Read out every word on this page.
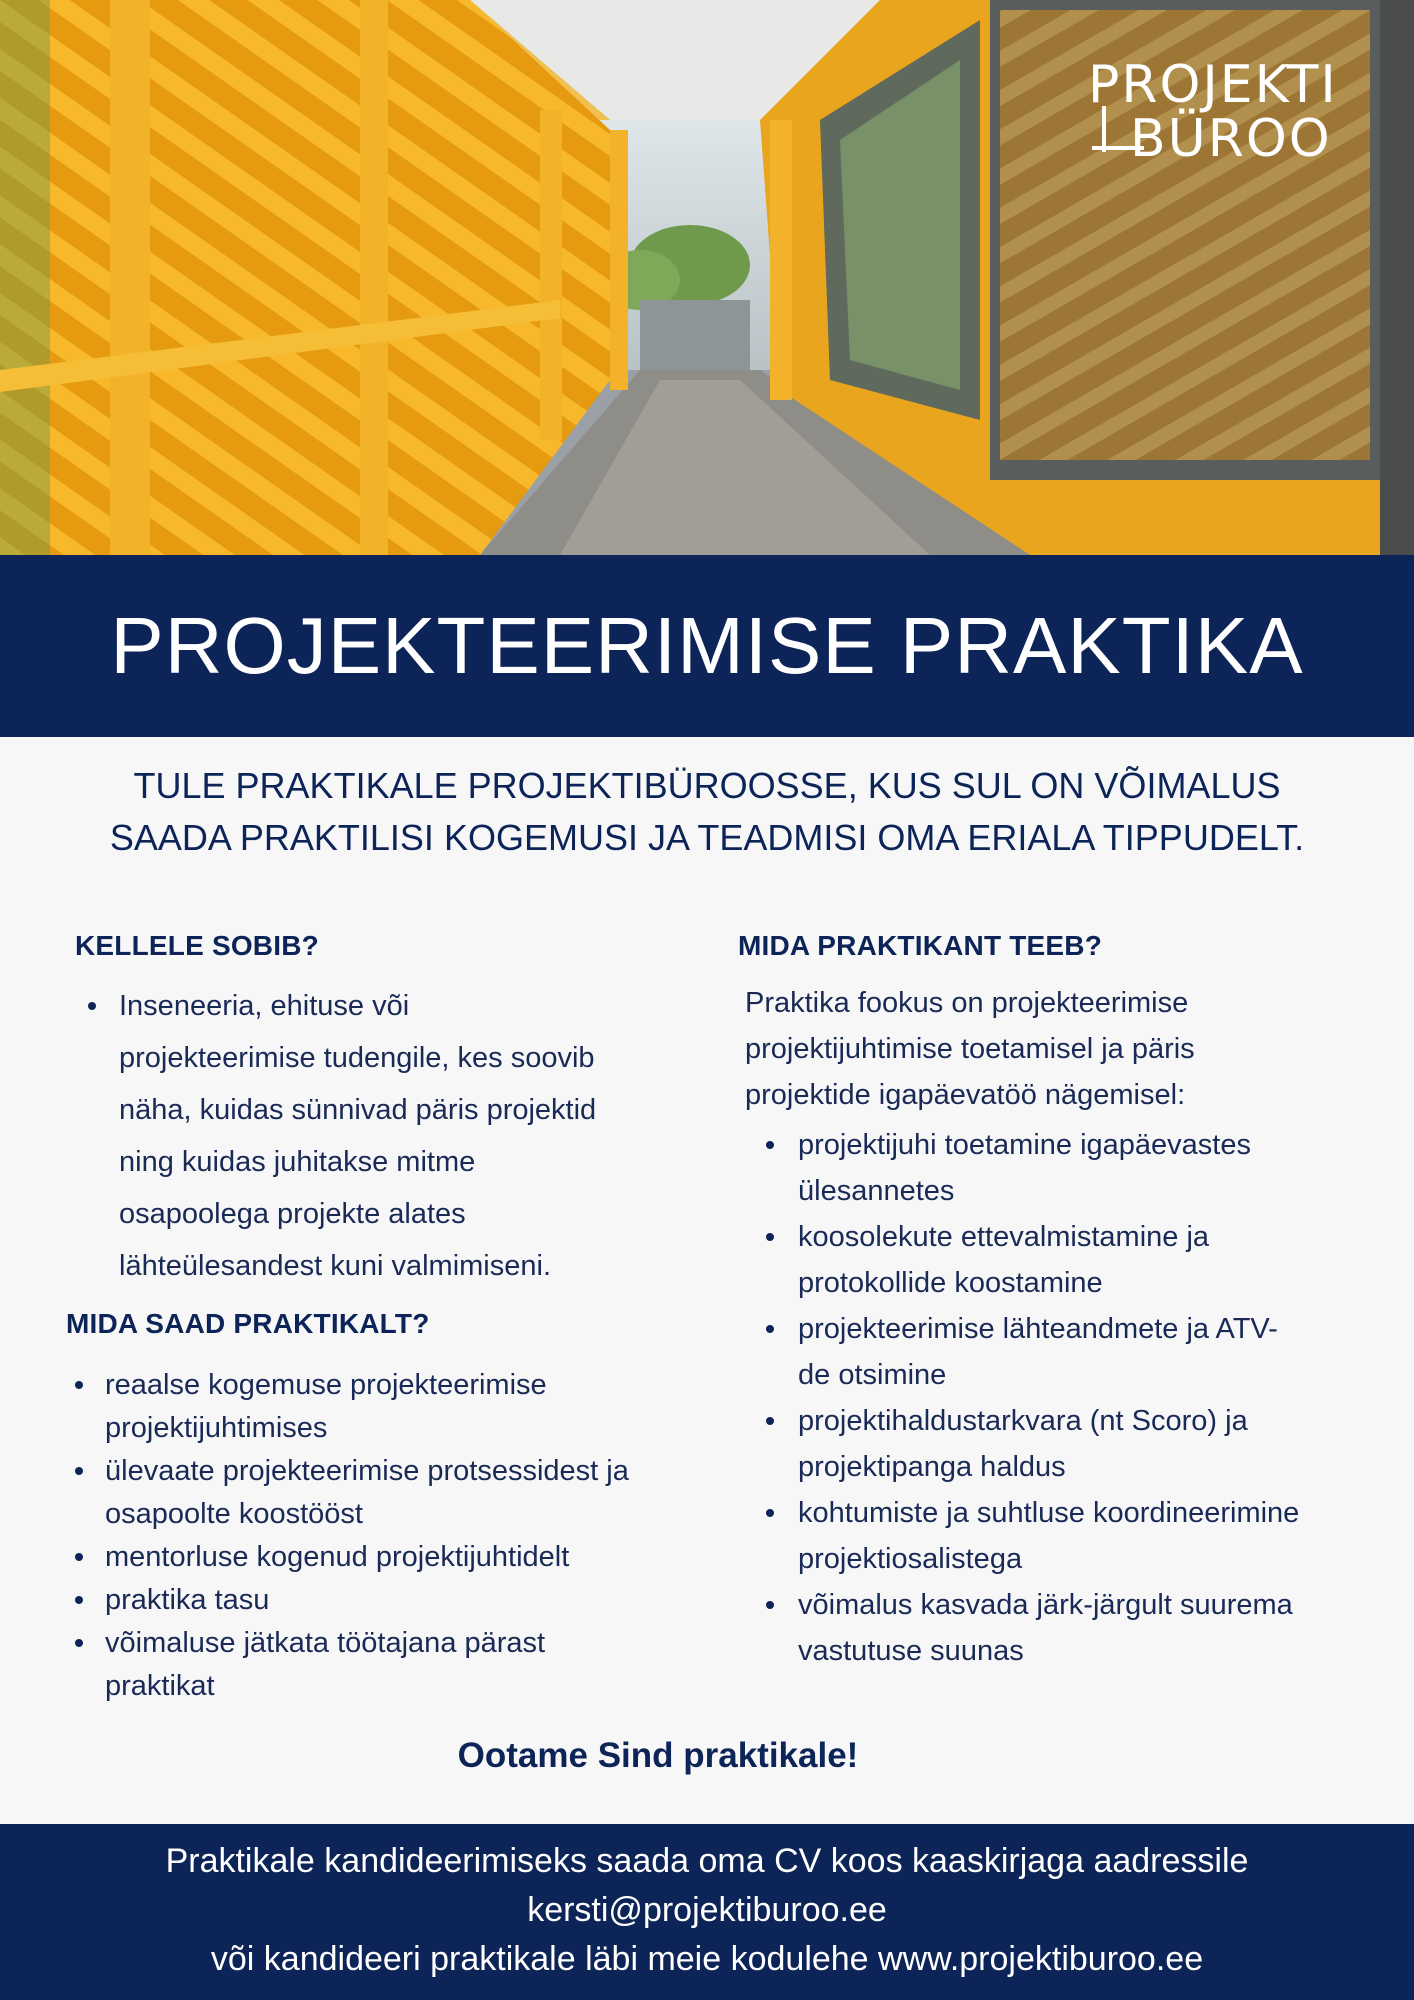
PROJEKTI
BÜROO
PROJEKTEERIMISE PRAKTIKA
TULE PRAKTIKALE PROJEKTIBÜROOSSE, KUS SUL ON VÕIMALUS
SAADA PRAKTILISI KOGEMUSI JA TEADMISI OMA ERIALA TIPPUDELT.
KELLELE SOBIB?
Inseneeria, ehituse või
projekteerimise tudengile, kes soovib
näha, kuidas sünnivad päris projektid
ning kuidas juhitakse mitme
osapoolega projekte alates
lähteülesandest kuni valmimiseni.
MIDA SAAD PRAKTIKALT?
reaalse kogemuse projekteerimise
projektijuhtimises
ülevaate projekteerimise protsessidest ja
osapoolte koostööst
mentorluse kogenud projektijuhtidelt
praktika tasu
võimaluse jätkata töötajana pärast
praktikat
MIDA PRAKTIKANT TEEB?
Praktika fookus on projekteerimise
projektijuhtimise toetamisel ja päris
projektide igapäevatöö nägemisel:
projektijuhi toetamine igapäevastes
ülesannetes
koosolekute ettevalmistamine ja
protokollide koostamine
projekteerimise lähteandmete ja ATV-
de otsimine
projektihaldustarkvara (nt Scoro) ja
projektipanga haldus
kohtumiste ja suhtluse koordineerimine
projektiosalistega
võimalus kasvada järk-järgult suurema
vastutuse suunas
Ootame Sind praktikale!
Praktikale kandideerimiseks saada oma CV koos kaaskirjaga aadressile
kersti@projektiburoo.ee
või kandideeri praktikale läbi meie kodulehe www.projektiburoo.ee
